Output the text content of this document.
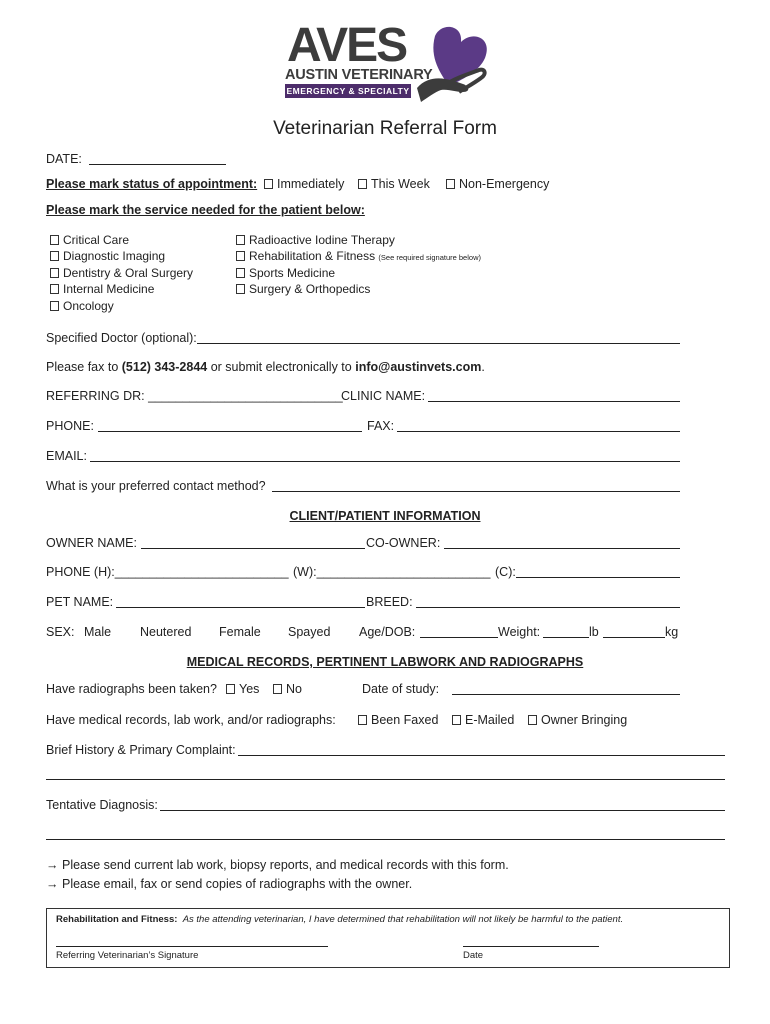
AVES
AUSTIN VETERINARY
EMERGENCY & SPECIALTY
Veterinarian Referral Form
DATE:
Please mark status of appointment:	Immediately	This Week	Non-Emergency
Please mark the service needed for the patient below:
Critical Care
Diagnostic Imaging
Dentistry & Oral Surgery
Internal Medicine
Oncology
Radioactive Iodine Therapy
Rehabilitation & Fitness (See required signature below)
Sports Medicine
Surgery & Orthopedics
Specified Doctor (optional):
Please fax to (512) 343-2844 or submit electronically to info@austinvets.com.
REFERRING DR: ____________________________
CLINIC NAME:
PHONE:	FAX:
EMAIL:
What is your preferred contact method?
CLIENT/PATIENT INFORMATION
OWNER NAME:	CO-OWNER:
PHONE (H):_________________________ (W):_________________________ (C):
PET NAME:	BREED:
SEX: Male Neutered Female Spayed Age/DOB:	Weight:	lb	kg
MEDICAL RECORDS, PERTINENT LABWORK AND RADIOGRAPHS
Have radiographs been taken?	Yes	No	Date of study:
Have medical records, lab work, and/or radiographs:	Been Faxed	E-Mailed	Owner Bringing
Brief History & Primary Complaint:
Tentative Diagnosis:
→ Please send current lab work, biopsy reports, and medical records with this form.
→ Please email, fax or send copies of radiographs with the owner.
Rehabilitation and Fitness: As the attending veterinarian, I have determined that rehabilitation will not likely be harmful to the patient.
Referring Veterinarian’s Signature	Date
